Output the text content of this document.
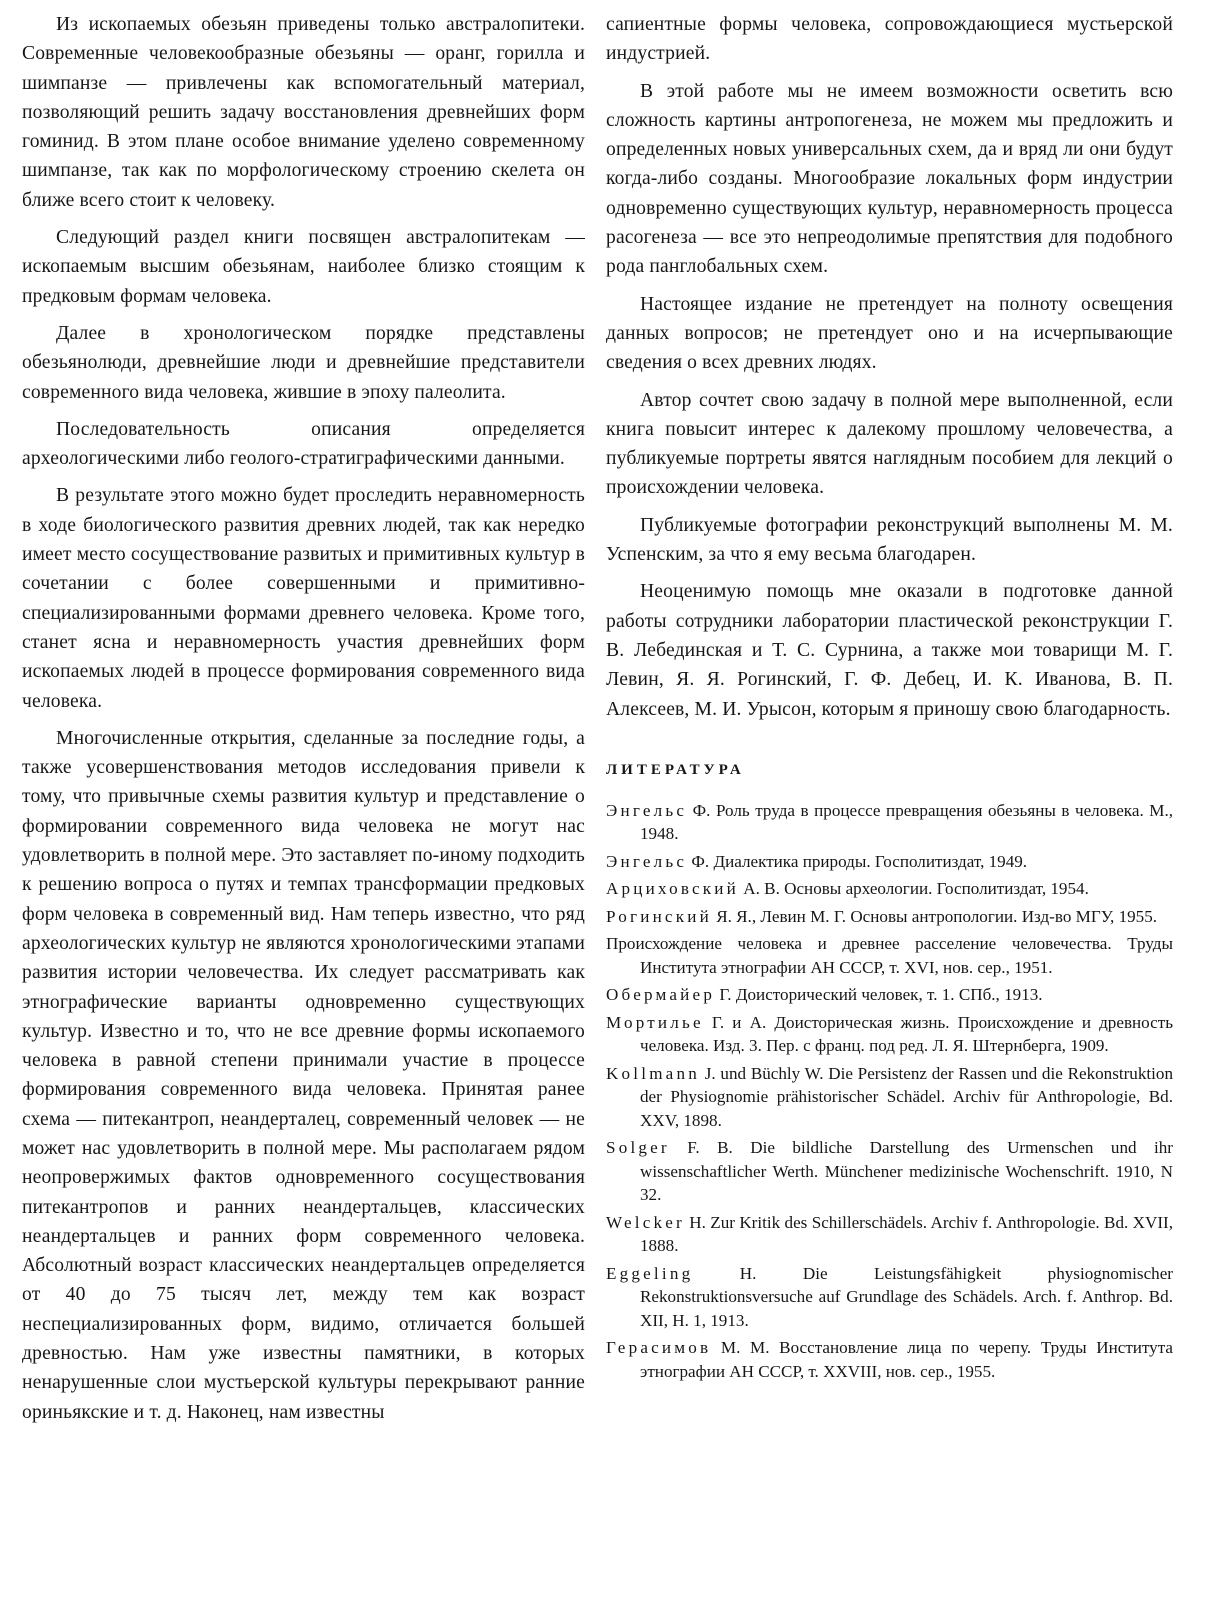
Из ископаемых обезьян приведены только австралопитеки. Современные человекообразные обезьяны — оранг, горилла и шимпанзе — привлечены как вспомогательный материал, позволяющий решить задачу восстановления древнейших форм гоминид. В этом плане особое внимание уделено современному шимпанзе, так как по морфологическому строению скелета он ближе всего стоит к человеку.

Следующий раздел книги посвящен австралопитекам — ископаемым высшим обезьянам, наиболее близко стоящим к предковым формам человека.

Далее в хронологическом порядке представлены обезьянолюди, древнейшие люди и древнейшие представители современного вида человека, жившие в эпоху палеолита.

Последовательность описания определяется археологическими либо геолого-стратиграфическими данными.

В результате этого можно будет проследить неравномерность в ходе биологического развития древних людей, так как нередко имеет место сосуществование развитых и примитивных культур в сочетании с более совершенными и примитивно-специализированными формами древнего человека. Кроме того, станет ясна и неравномерность участия древнейших форм ископаемых людей в процессе формирования современного вида человека.

Многочисленные открытия, сделанные за последние годы, а также усовершенствования методов исследования привели к тому, что привычные схемы развития культур и представление о формировании современного вида человека не могут нас удовлетворить в полной мере. Это заставляет по-иному подходить к решению вопроса о путях и темпах трансформации предковых форм человека в современный вид. Нам теперь известно, что ряд археологических культур не являются хронологическими этапами развития истории человечества. Их следует рассматривать как этнографические варианты одновременно существующих культур. Известно и то, что не все древние формы ископаемого человека в равной степени принимали участие в процессе формирования современного вида человека. Принятая ранее схема — питекантроп, неандерталец, современный человек — не может нас удовлетворить в полной мере. Мы располагаем рядом неопровержимых фактов одновременного сосуществования питекантропов и ранних неандертальцев, классических неандертальцев и ранних форм современного человека. Абсолютный возраст классических неандертальцев определяется от 40 до 75 тысяч лет, между тем как возраст неспециализированных форм, видимо, отличается большей древностью. Нам уже известны памятники, в которых ненарушенные слои мустьерской культуры перекрывают ранние ориньякские и т. д. Наконец, нам известны

сапиентные формы человека, сопровождающиеся мустьерской индустрией.

В этой работе мы не имеем возможности осветить всю сложность картины антропогенеза, не можем мы предложить и определенных новых универсальных схем, да и вряд ли они будут когда-либо созданы. Многообразие локальных форм индустрии одновременно существующих культур, неравномерность процесса расогенеза — все это непреодолимые препятствия для подобного рода панглобальных схем.

Настоящее издание не претендует на полноту освещения данных вопросов; не претендует оно и на исчерпывающие сведения о всех древних людях.

Автор сочтет свою задачу в полной мере выполненной, если книга повысит интерес к далекому прошлому человечества, а публикуемые портреты явятся наглядным пособием для лекций о происхождении человека.

Публикуемые фотографии реконструкций выполнены М. М. Успенским, за что я ему весьма благодарен.

Неоценимую помощь мне оказали в подготовке данной работы сотрудники лаборатории пластической реконструкции Г. В. Лебединская и Т. С. Сурнина, а также мои товарищи М. Г. Левин, Я. Я. Рогинский, Г. Ф. Дебец, И. К. Иванова, В. П. Алексеев, М. И. Урысон, которым я приношу свою благодарность.

ЛИТЕРАТУРА
Энгельс Ф. Роль труда в процессе превращения обезьяны в человека. М., 1948.
Энгельс Ф. Диалектика природы. Госполитиздат, 1949.
Арциховский А. В. Основы археологии. Госполитиздат, 1954.
Рогинский Я. Я., Левин М. Г. Основы антропологии. Изд-во МГУ, 1955.
Происхождение человека и древнее расселение человечества. Труды Института этнографии АН СССР, т. XVI, нов. сер., 1951.
Обермайер Г. Доисторический человек, т. 1. СПб., 1913.
Мортилье Г. и А. Доисторическая жизнь. Происхождение и древность человека. Изд. 3. Пер. с франц. под ред. Л. Я. Штернберга, 1909.
Kollmann J. und Büchly W. Die Persistenz der Rassen und die Rekonstruktion der Physiognomie prähistorischer Schädel. Archiv für Anthropologie, Bd. XXV, 1898.
Solger F. B. Die bildliche Darstellung des Urmenschen und ihr wissenschaftlicher Werth. Münchener medizinische Wochenschrift. 1910, N 32.
Welcker H. Zur Kritik des Schillerschädels. Archiv f. Anthropologie. Bd. XVII, 1888.
Eggeling H. Die Leistungsfähigkeit physiognomischer Rekonstruktionsversuche auf Grundlage des Schädels. Arch. f. Anthrop. Bd. XII, H. 1, 1913.
Герасимов М. М. Восстановление лица по черепу. Труды Института этнографии АН СССР, т. XXVIII, нов. сер., 1955.
